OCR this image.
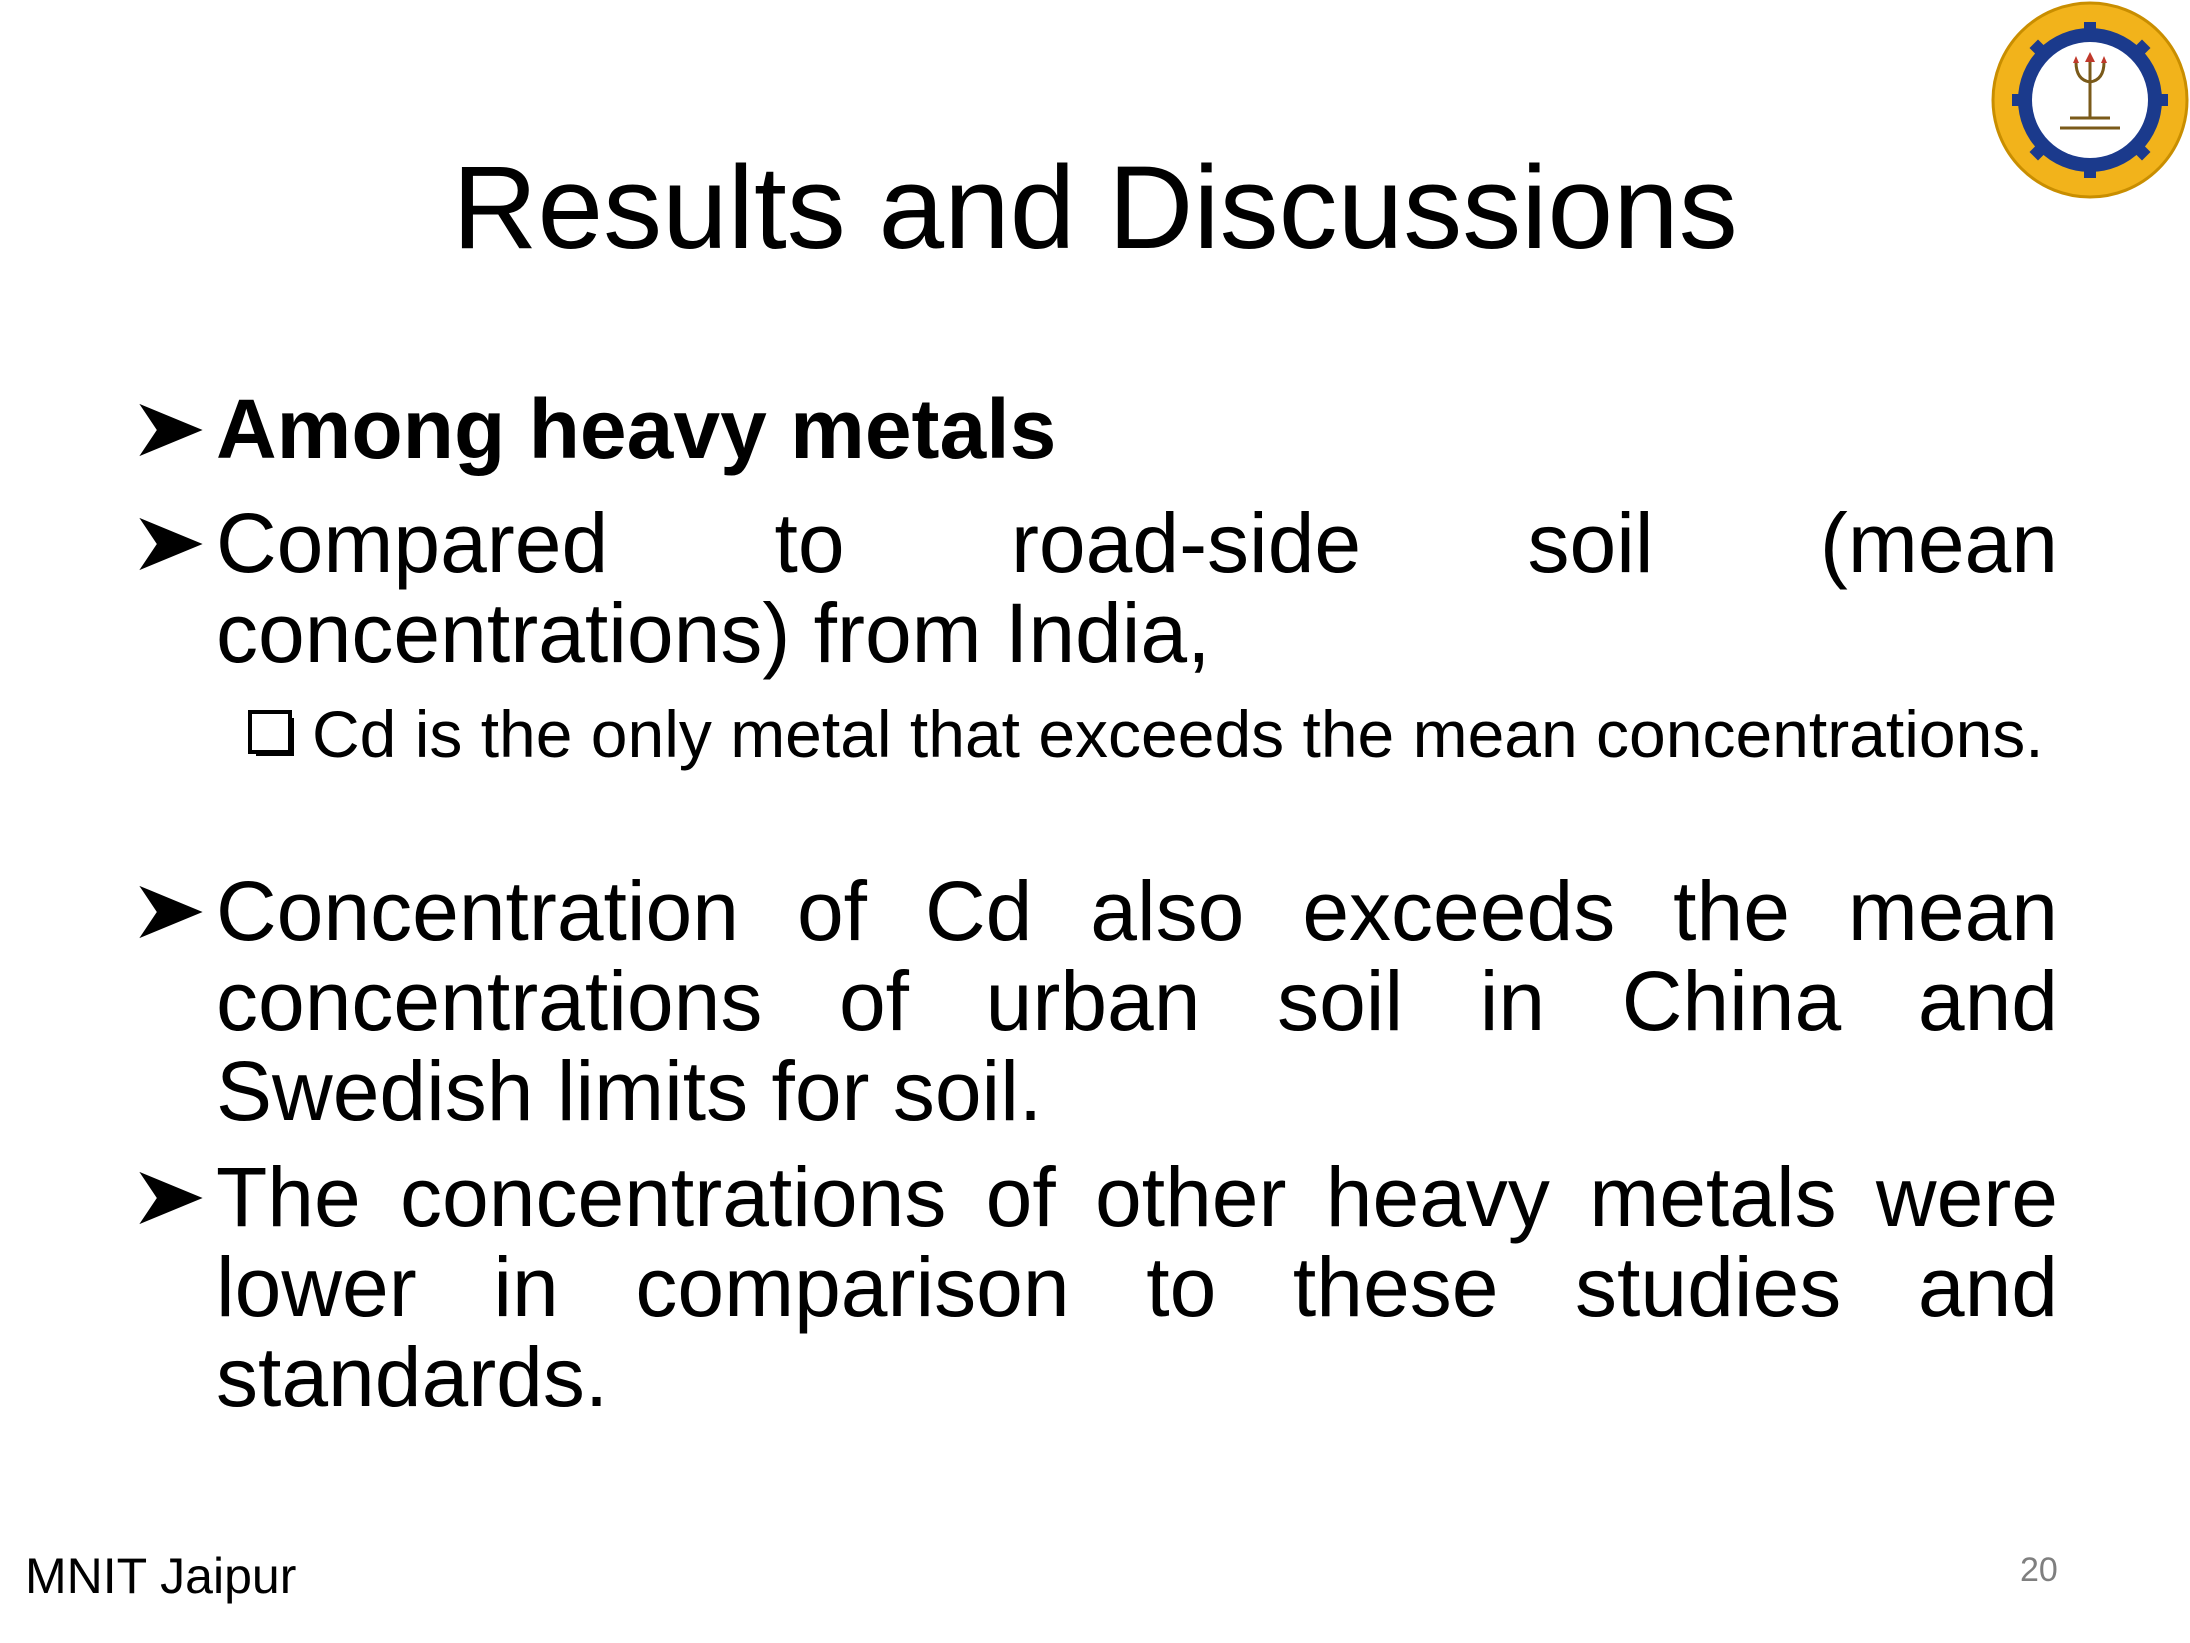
Results and Discussions
Among heavy metals
Compared to road-side soil (mean concentrations) from India,
Cd is the only metal that exceeds the mean concentrations.
Concentration of Cd also exceeds the mean concentrations of urban soil in China and Swedish limits for soil.
The concentrations of other heavy metals were lower in comparison to these studies and standards.
MNIT Jaipur	20
